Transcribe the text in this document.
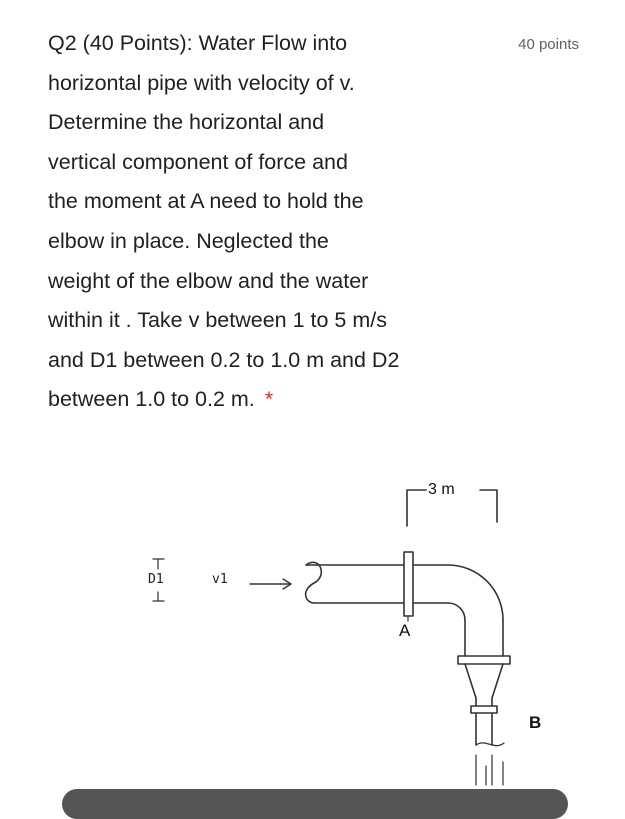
Q2 (40 Points): Water Flow into
horizontal pipe with velocity of v.
Determine the horizontal and
vertical component of force and
the moment at A need to hold the
elbow in place. Neglected the
weight of the elbow and the water
within it . Take v between 1 to 5 m/s
and D1 between 0.2 to 1.0 m and D2
between 1.0 to 0.2 m. *
40 points
3 m
D1	v1
A
B
